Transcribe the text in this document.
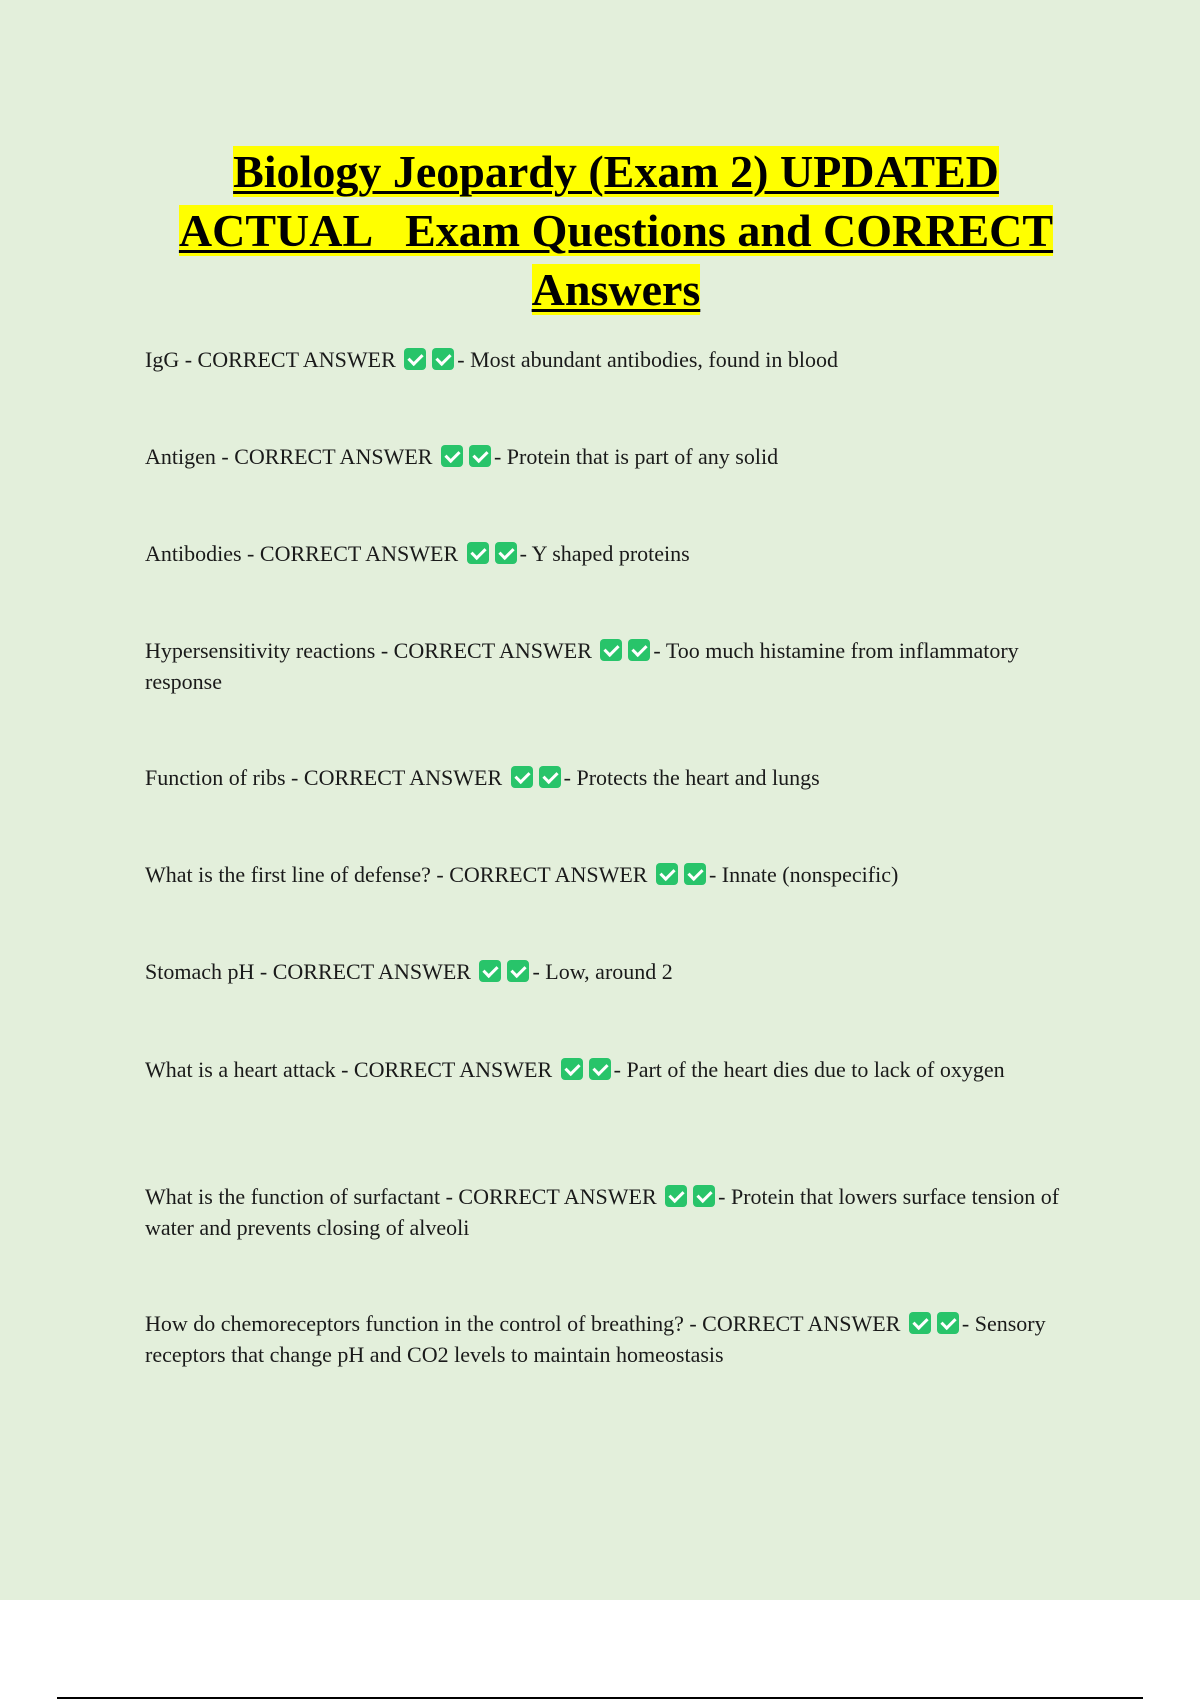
Biology Jeopardy (Exam 2) UPDATED
ACTUAL   Exam Questions and CORRECT
Answers
IgG - CORRECT ANSWER	- Most abundant antibodies, found in blood
Antigen - CORRECT ANSWER	- Protein that is part of any solid
Antibodies - CORRECT ANSWER	- Y shaped proteins
Hypersensitivity reactions - CORRECT ANSWER	- Too much histamine from inflammatory response
Function of ribs - CORRECT ANSWER	- Protects the heart and lungs
What is the first line of defense? - CORRECT ANSWER	- Innate (nonspecific)
Stomach pH - CORRECT ANSWER	- Low, around 2
What is a heart attack - CORRECT ANSWER	- Part of the heart dies due to lack of oxygen
What is the function of surfactant - CORRECT ANSWER	- Protein that lowers surface tension of water and prevents closing of alveoli
How do chemoreceptors function in the control of breathing? - CORRECT ANSWER	- Sensory receptors that change pH and CO2 levels to maintain homeostasis
